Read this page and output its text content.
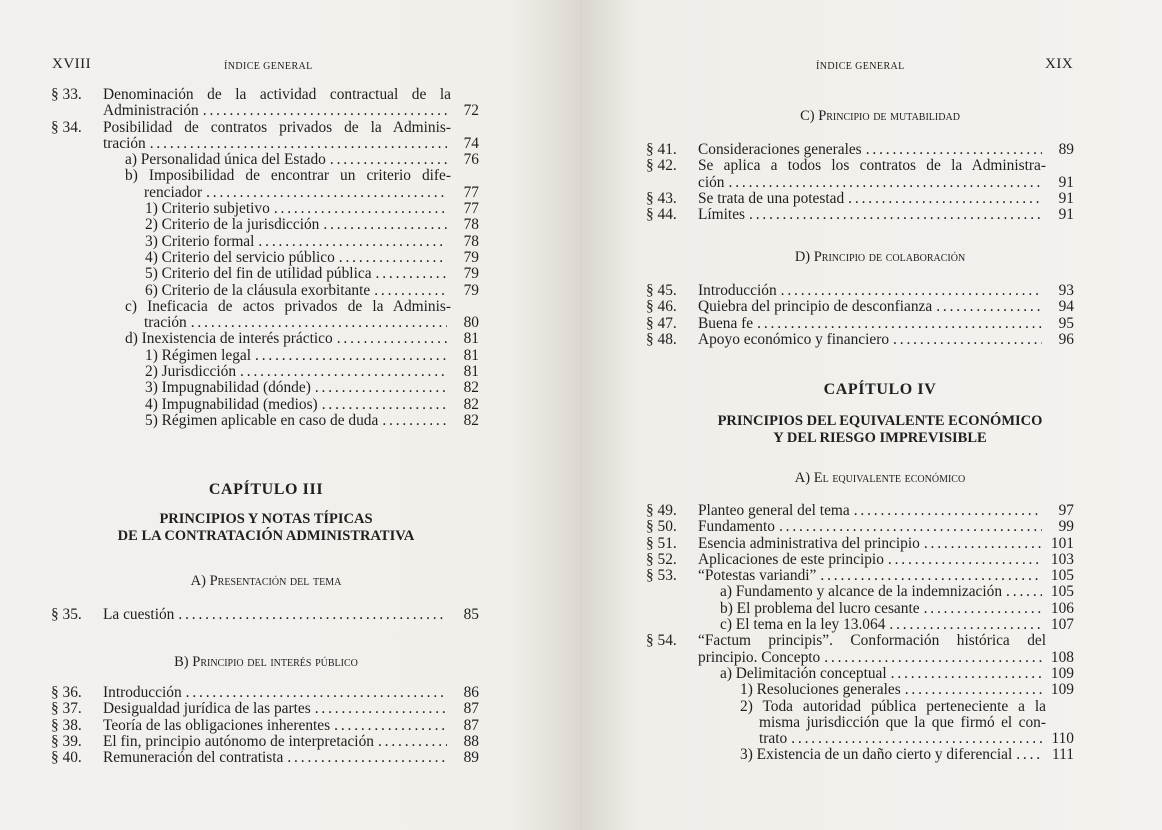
XVIII	ÍNDICE GENERAL
§ 33.	Denominación de la actividad contractual de la
Administración . . .	72
§ 34.	Posibilidad de contratos privados de la Adminis-
tración . . .	74
a) Personalidad única del Estado . . .	76
b) Imposibilidad de encontrar un criterio dife-
renciador . . .	77
1) Criterio subjetivo . . .	77
2) Criterio de la jurisdicción . . .	78
3) Criterio formal . . .	78
4) Criterio del servicio público . . .	79
5) Criterio del fin de utilidad pública . . .	79
6) Criterio de la cláusula exorbitante . . .	79
c) Ineficacia de actos privados de la Adminis-
tración . . .	80
d) Inexistencia de interés práctico . . .	81
1) Régimen legal . . .	81
2) Jurisdicción . . .	81
3) Impugnabilidad (dónde) . . .	82
4) Impugnabilidad (medios) . . .	82
5) Régimen aplicable en caso de duda . . .	82
CAPÍTULO III
PRINCIPIOS Y NOTAS TÍPICAS
DE LA CONTRATACIÓN ADMINISTRATIVA
A) Presentación del tema
§ 35.	La cuestión . . .	85
B) Principio del interés público
§ 36.	Introducción . . .	86
§ 37.	Desigualdad jurídica de las partes . . .	87
§ 38.	Teoría de las obligaciones inherentes . . .	87
§ 39.	El fin, principio autónomo de interpretación . . .	88
§ 40.	Remuneración del contratista . . .	89
ÍNDICE GENERAL	XIX
C) Principio de mutabilidad
§ 41.	Consideraciones generales . . .	89
§ 42.	Se aplica a todos los contratos de la Administra-
ción . . .	91
§ 43.	Se trata de una potestad . . .	91
§ 44.	Límites . . .	91
D) Principio de colaboración
§ 45.	Introducción . . .	93
§ 46.	Quiebra del principio de desconfianza . . .	94
§ 47.	Buena fe . . .	95
§ 48.	Apoyo económico y financiero . . .	96
CAPÍTULO IV
PRINCIPIOS DEL EQUIVALENTE ECONÓMICO
Y DEL RIESGO IMPREVISIBLE
A) El equivalente económico
§ 49.	Planteo general del tema . . .	97
§ 50.	Fundamento . . .	99
§ 51.	Esencia administrativa del principio . . .	101
§ 52.	Aplicaciones de este principio . . .	103
§ 53.	“Potestas variandi” . . .	105
a) Fundamento y alcance de la indemnización . . .	105
b) El problema del lucro cesante . . .	106
c) El tema en la ley 13.064 . . .	107
§ 54.	“Factum principis”. Conformación histórica del
principio. Concepto . . .	108
a) Delimitación conceptual . . .	109
1) Resoluciones generales . . .	109
2) Toda autoridad pública perteneciente a la
misma jurisdicción que la que firmó el con-
trato . . .	110
3) Existencia de un daño cierto y diferencial . . .	111
